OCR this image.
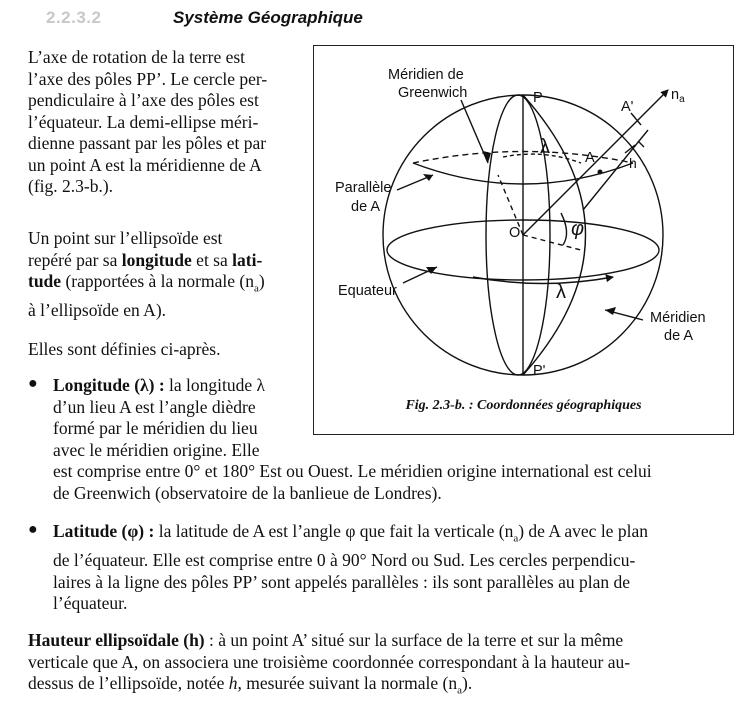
2.2.3.2	Système Géographique
L’axe de rotation de la terre est
l’axe des pôles PP’. Le cercle per-
pendiculaire à l’axe des pôles est
l’équateur. La demi-ellipse méri-
dienne passant par les pôles et par
un point A est la méridienne de A
(fig. 2.3-b.).
Un point sur l’ellipsoïde est
repéré par sa longitude et sa lati-
tude (rapportées à la normale $(n_a)$
à l’ellipsoïde en A).
Elles sont définies ci-après.
● Longitude (λ) : la longitude λ
d’un lieu A est l’angle dièdre
formé par le méridien du lieu
avec le méridien origine. Elle
est comprise entre 0° et 180° Est ou Ouest. Le méridien origine international est celui
de Greenwich (observatoire de la banlieue de Londres).
● Latitude (φ) : la latitude de A est l’angle φ que fait la verticale $(n_a)$ de A avec le plan
de l’équateur. Elle est comprise entre 0 à 90° Nord ou Sud. Les cercles perpendicu-
laires à la ligne des pôles PP’ sont appelés parallèles : ils sont parallèles au plan de
l’équateur.
Hauteur ellipsoïdale (h) : à un point A’ situé sur la surface de la terre et sur la même
verticale que A, on associera une troisième coordonnée correspondant à la hauteur au-
dessus de l’ellipsoïde, notée h, mesurée suivant la normale $(n_a)$.
Méridien de
Greenwich	P
P'
A'
$n_a$
A
Parallèle
de A
O
λ
λ
φ
h
Equateur
Méridien
de A
Fig. 2.3-b. : Coordonnées géographiques
